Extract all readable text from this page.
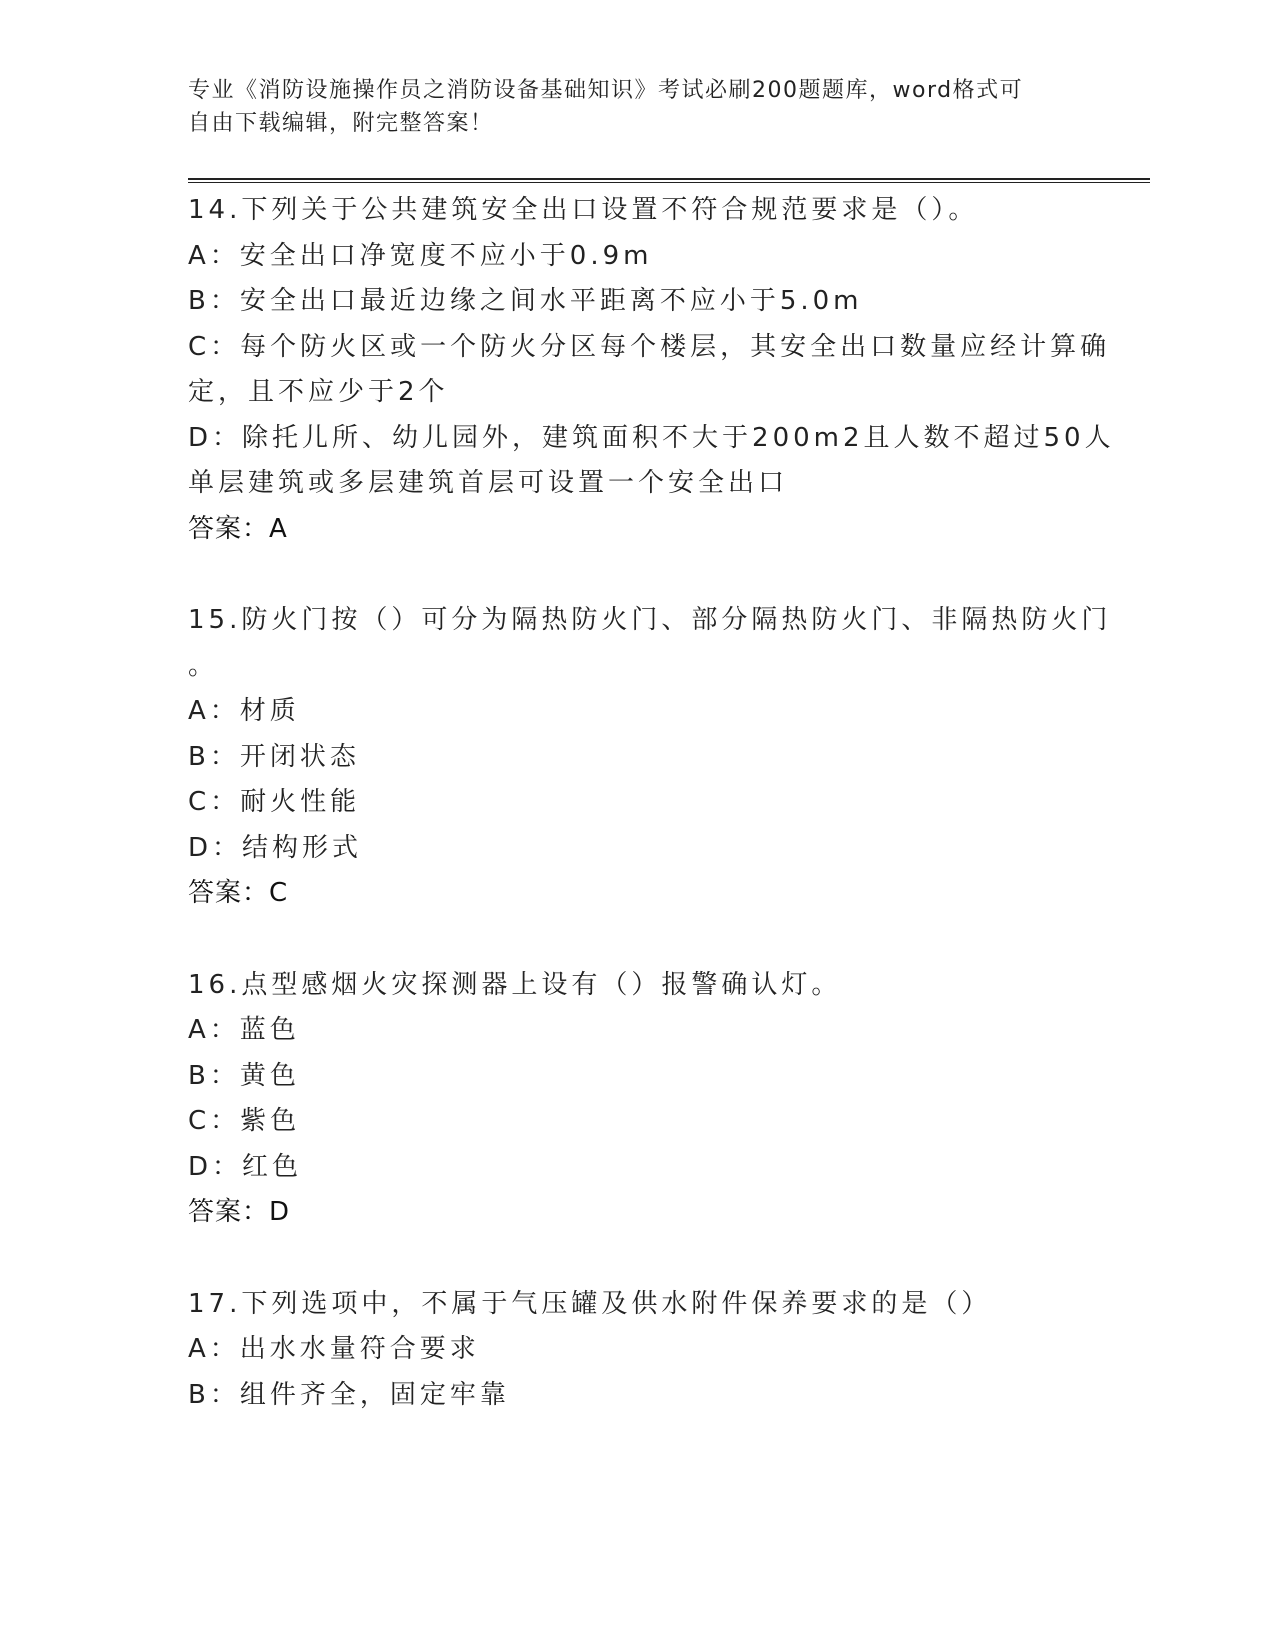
专业《消防设施操作员之消防设备基础知识》考试必刷200题题库，word格式可
自由下载编辑，附完整答案！
14.下列关于公共建筑安全出口设置不符合规范要求是（）。
A：安全出口净宽度不应小于0.9m
B：安全出口最近边缘之间水平距离不应小于5.0m
C：每个防火区或一个防火分区每个楼层，其安全出口数量应经计算确
定，且不应少于2个
D：除托儿所、幼儿园外，建筑面积不大于200m2且人数不超过50人
单层建筑或多层建筑首层可设置一个安全出口
答案：A
15.防火门按（）可分为隔热防火门、部分隔热防火门、非隔热防火门
。
A：材质
B：开闭状态
C：耐火性能
D：结构形式
答案：C
16.点型感烟火灾探测器上设有（）报警确认灯。
A：蓝色
B：黄色
C：紫色
D：红色
答案：D
17.下列选项中，不属于气压罐及供水附件保养要求的是（）
A：出水水量符合要求
B：组件齐全，固定牢靠
